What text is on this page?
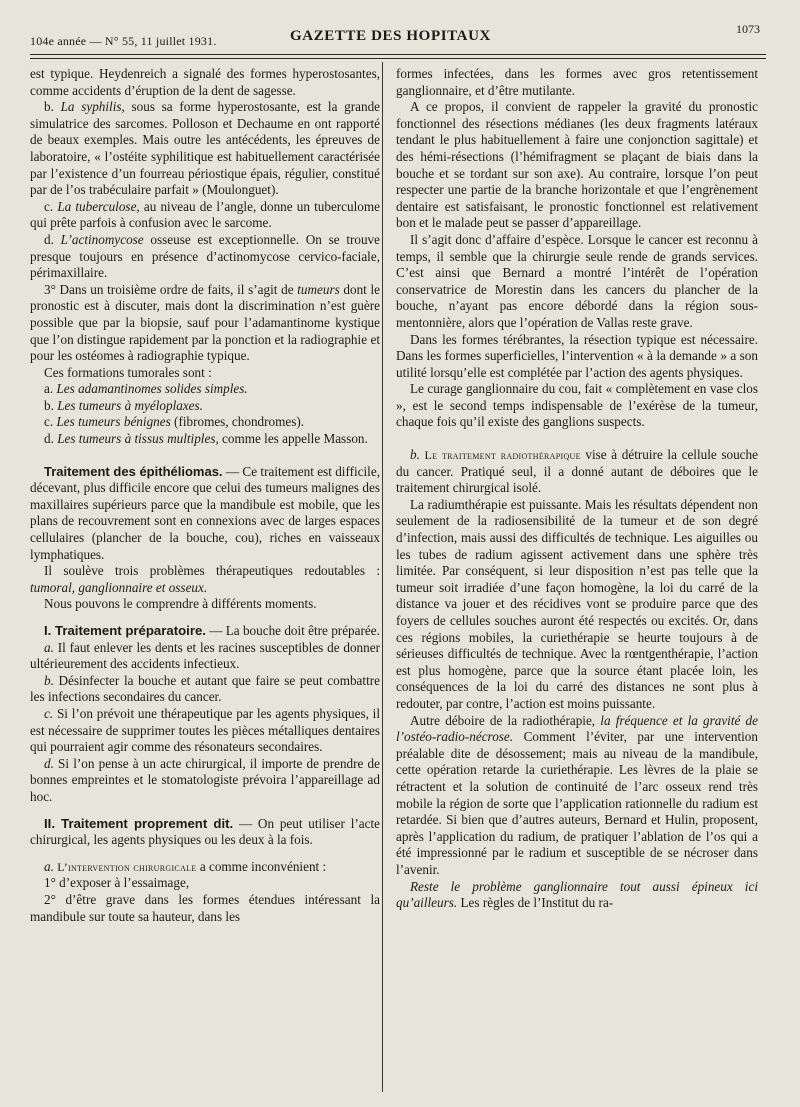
104e année — N° 55, 11 juillet 1931.	GAZETTE DES HOPITAUX	1073

est typique. Heydenreich a signalé des formes hyperostosantes, comme accidents d’éruption de la dent de sagesse.

b. La syphilis, sous sa forme hyperostosante, est la grande simulatrice des sarcomes. Polloson et Dechaume en ont rapporté de beaux exemples. Mais outre les antécédents, les épreuves de laboratoire, « l’ostéite syphilitique est habituellement caractérisée par l’existence d’un fourreau périostique épais, régulier, constitué par de l’os trabéculaire parfait » (Moulonguet).

c. La tuberculose, au niveau de l’angle, donne un tuberculome qui prête parfois à confusion avec le sarcome.

d. L’actinomycose osseuse est exceptionnelle. On se trouve presque toujours en présence d’actinomycose cervico-faciale, périmaxillaire.

3° Dans un troisième ordre de faits, il s’agit de tumeurs dont le pronostic est à discuter, mais dont la discrimination n’est guère possible que par la biopsie, sauf pour l’adamantinome kystique que l’on distingue rapidement par la ponction et la radiographie et pour les ostéomes à radiographie typique.

Ces formations tumorales sont :

a. Les adamantinomes solides simples.

b. Les tumeurs à myéloplaxes.

c. Les tumeurs bénignes (fibromes, chondromes).

d. Les tumeurs à tissus multiples, comme les appelle Masson.

Traitement des épithéliomas. — Ce traitement est difficile, décevant, plus difficile encore que celui des tumeurs malignes des maxillaires supérieurs parce que la mandibule est mobile, que les plans de recouvrement sont en connexions avec de larges espaces cellulaires (plancher de la bouche, cou), riches en vaisseaux lymphatiques.

Il soulève trois problèmes thérapeutiques redoutables : tumoral, ganglionnaire et osseux.

Nous pouvons le comprendre à différents moments.

I. Traitement préparatoire. — La bouche doit être préparée.

a. Il faut enlever les dents et les racines susceptibles de donner ultérieurement des accidents infectieux.

b. Désinfecter la bouche et autant que faire se peut combattre les infections secondaires du cancer.

c. Si l’on prévoit une thérapeutique par les agents physiques, il est nécessaire de supprimer toutes les pièces métalliques dentaires qui pourraient agir comme des résonateurs secondaires.

d. Si l’on pense à un acte chirurgical, il importe de prendre de bonnes empreintes et le stomatologiste prévoira l’appareillage ad hoc.

II. Traitement proprement dit. — On peut utiliser l’acte chirurgical, les agents physiques ou les deux à la fois.

a. L’intervention chirurgicale a comme inconvénient :

1° d’exposer à l’essaimage,

2° d’être grave dans les formes étendues intéressant la mandibule sur toute sa hauteur, dans les

formes infectées, dans les formes avec gros retentissement ganglionnaire, et d’être mutilante.

A ce propos, il convient de rappeler la gravité du pronostic fonctionnel des résections médianes (les deux fragments latéraux tendant le plus habituellement à faire une conjonction sagittale) et des hémi-résections (l’hémifragment se plaçant de biais dans la bouche et se tordant sur son axe). Au contraire, lorsque l’on peut respecter une partie de la branche horizontale et que l’engrènement dentaire est satisfaisant, le pronostic fonctionnel est relativement bon et le malade peut se passer d’appareillage.

Il s’agit donc d’affaire d’espèce. Lorsque le cancer est reconnu à temps, il semble que la chirurgie seule rende de grands services. C’est ainsi que Bernard a montré l’intérêt de l’opération conservatrice de Morestin dans les cancers du plancher de la bouche, n’ayant pas encore débordé dans la région sous-mentonnière, alors que l’opération de Vallas reste grave.

Dans les formes térébrantes, la résection typique est nécessaire. Dans les formes superficielles, l’intervention « à la demande » a son utilité lorsqu’elle est complétée par l’action des agents physiques.

Le curage ganglionnaire du cou, fait « complètement en vase clos », est le second temps indispensable de l’exérèse de la tumeur, chaque fois qu’il existe des ganglions suspects.

b. Le traitement radiothérapique vise à détruire la cellule souche du cancer. Pratiqué seul, il a donné autant de déboires que le traitement chirurgical isolé.

La radiumthérapie est puissante. Mais les résultats dépendent non seulement de la radiosensibilité de la tumeur et de son degré d’infection, mais aussi des difficultés de technique. Les aiguilles ou les tubes de radium agissent activement dans une sphère très limitée. Par conséquent, si leur disposition n’est pas telle que la tumeur soit irradiée d’une façon homogène, la loi du carré de la distance va jouer et des récidives vont se produire parce que des foyers de cellules souches auront été respectés ou excités. Or, dans ces régions mobiles, la curiethérapie se heurte toujours à de sérieuses difficultés de technique. Avec la rœntgenthérapie, l’action est plus homogène, parce que la source étant placée loin, les conséquences de la loi du carré des distances ne sont plus à redouter, par contre, l’action est moins puissante.

Autre déboire de la radiothérapie, la fréquence et la gravité de l’ostéo-radio-nécrose. Comment l’éviter, par une intervention préalable dite de désossement; mais au niveau de la mandibule, cette opération retarde la curiethérapie. Les lèvres de la plaie se rétractent et la solution de continuité de l’arc osseux rend très mobile la région de sorte que l’application rationnelle du radium est retardée. Si bien que d’autres auteurs, Bernard et Hulin, proposent, après l’application du radium, de pratiquer l’ablation de l’os qui a été impressionné par le radium et susceptible de se nécroser dans l’avenir.

Reste le problème ganglionnaire tout aussi épineux ici qu’ailleurs. Les règles de l’Institut du ra-
